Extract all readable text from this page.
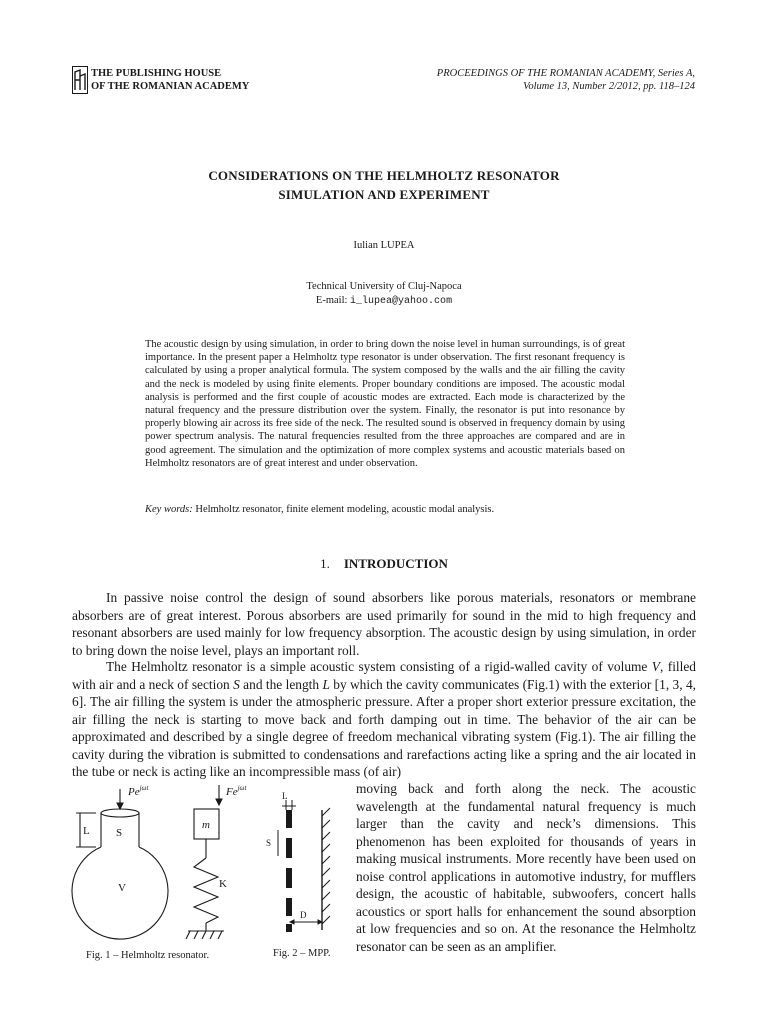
THE PUBLISHING HOUSE
OF THE ROMANIAN ACADEMY
PROCEEDINGS OF THE ROMANIAN ACADEMY, Series A,
Volume 13, Number 2/2012, pp. 118–124
CONSIDERATIONS ON THE HELMHOLTZ RESONATOR
SIMULATION AND EXPERIMENT
Iulian LUPEA
Technical University of Cluj-Napoca
E-mail: i_lupea@yahoo.com
The acoustic design by using simulation, in order to bring down the noise level in human surroundings, is of great importance. In the present paper a Helmholtz type resonator is under observation. The first resonant frequency is calculated by using a proper analytical formula. The system composed by the walls and the air filling the cavity and the neck is modeled by using finite elements. Proper boundary conditions are imposed. The acoustic modal analysis is performed and the first couple of acoustic modes are extracted. Each mode is characterized by the natural frequency and the pressure distribution over the system. Finally, the resonator is put into resonance by properly blowing air across its free side of the neck. The resulted sound is observed in frequency domain by using power spectrum analysis. The natural frequencies resulted from the three approaches are compared and are in good agreement. The simulation and the optimization of more complex systems and acoustic materials based on Helmholtz resonators are of great interest and under observation.
Key words: Helmholtz resonator, finite element modeling, acoustic modal analysis.
1. INTRODUCTION
In passive noise control the design of sound absorbers like porous materials, resonators or membrane absorbers are of great interest. Porous absorbers are used primarily for sound in the mid to high frequency and resonant absorbers are used mainly for low frequency absorption. The acoustic design by using simulation, in order to bring down the noise level, plays an important roll.
The Helmholtz resonator is a simple acoustic system consisting of a rigid-walled cavity of volume V, filled with air and a neck of section S and the length L by which the cavity communicates (Fig.1) with the exterior [1, 3, 4, 6]. The air filling the system is under the atmospheric pressure. After a proper short exterior pressure excitation, the air filling the neck is starting to move back and forth damping out in time. The behavior of the air can be approximated and described by a single degree of freedom mechanical vibrating system (Fig.1). The air filling the cavity during the vibration is submitted to condensations and rarefactions acting like a spring and the air located in the tube or neck is acting like an incompressible mass (of air)
moving back and forth along the neck. The acoustic wavelength at the fundamental natural frequency is much larger than the cavity and neck’s dimensions. This phenomenon has been exploited for thousands of years in making musical instruments. More recently have been used on noise control applications in automotive industry, for mufflers design, the acoustic of habitable, subwoofers, concert halls acoustics or sport halls for enhancement the sound absorption at low frequencies and so on. At the resonance the Helmholtz resonator can be seen as an amplifier.
$Pe^{j\omega t}$	$Fe^{j\omega t}$
S
L
V
m
K
Fig. 1 – Helmholtz resonator.
L
S
D
Fig. 2 – MPP.
